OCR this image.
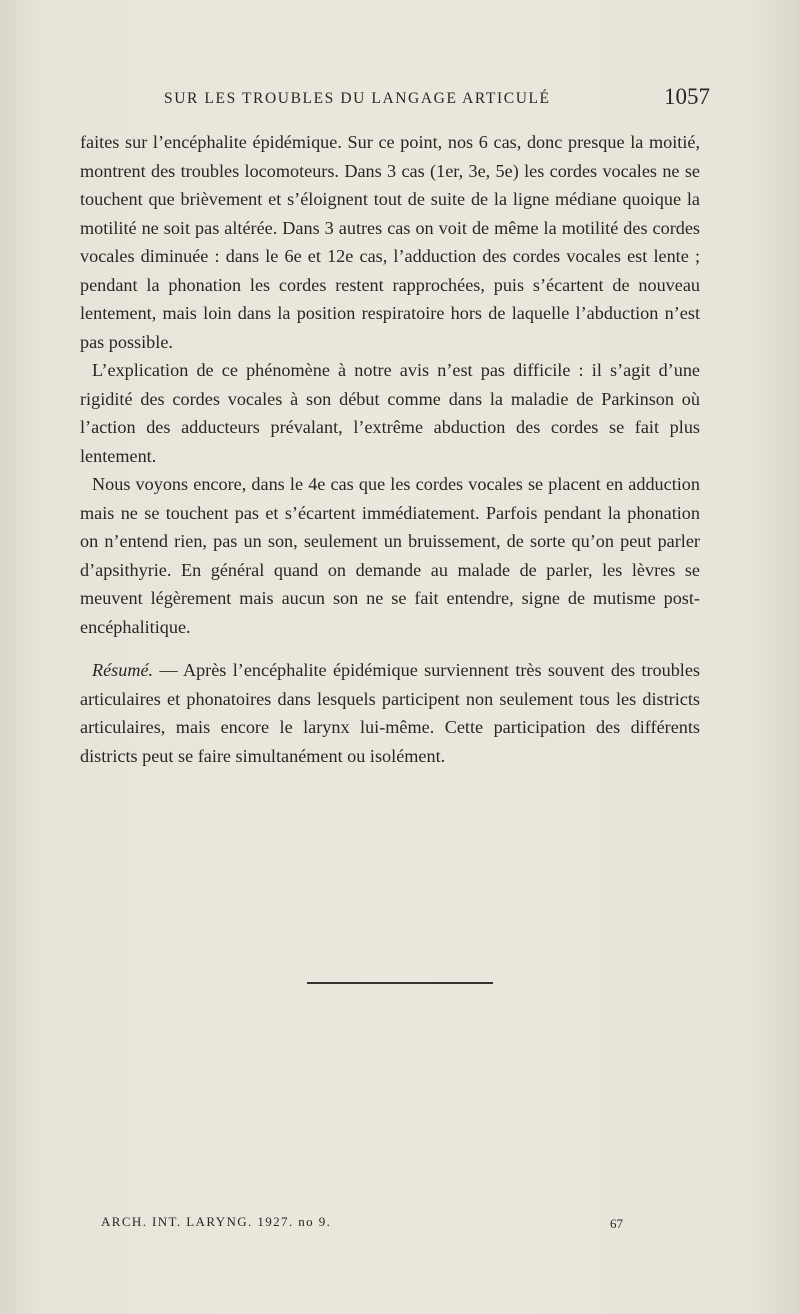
SUR LES TROUBLES DU LANGAGE ARTICULÉ	1057

faites sur l’encéphalite épidémique. Sur ce point, nos 6 cas, donc presque la moitié, montrent des troubles locomoteurs. Dans 3 cas (1er, 3e, 5e) les cordes vocales ne se touchent que brièvement et s’éloignent tout de suite de la ligne médiane quoique la motilité ne soit pas altérée. Dans 3 autres cas on voit de même la motilité des cordes vocales diminuée : dans le 6e et 12e cas, l’adduction des cordes vocales est lente ; pendant la phonation les cordes restent rapprochées, puis s’écartent de nouveau lentement, mais loin dans la position respiratoire hors de laquelle l’abduction n’est pas possible.

L’explication de ce phénomène à notre avis n’est pas difficile : il s’agit d’une rigidité des cordes vocales à son début comme dans la maladie de Parkinson où l’action des adducteurs prévalant, l’extrême abduction des cordes se fait plus lentement.

Nous voyons encore, dans le 4e cas que les cordes vocales se placent en adduction mais ne se touchent pas et s’écartent immédiatement. Parfois pendant la phonation on n’entend rien, pas un son, seulement un bruissement, de sorte qu’on peut parler d’apsithyrie. En général quand on demande au malade de parler, les lèvres se meuvent légèrement mais aucun son ne se fait entendre, signe de mutisme post-encéphalitique.

Résumé. — Après l’encéphalite épidémique surviennent très souvent des troubles articulaires et phonatoires dans lesquels participent non seulement tous les districts articulaires, mais encore le larynx lui-même. Cette participation des différents districts peut se faire simultanément ou isolément.

ARCH. INT. LARYNG. 1927. no 9.	67
